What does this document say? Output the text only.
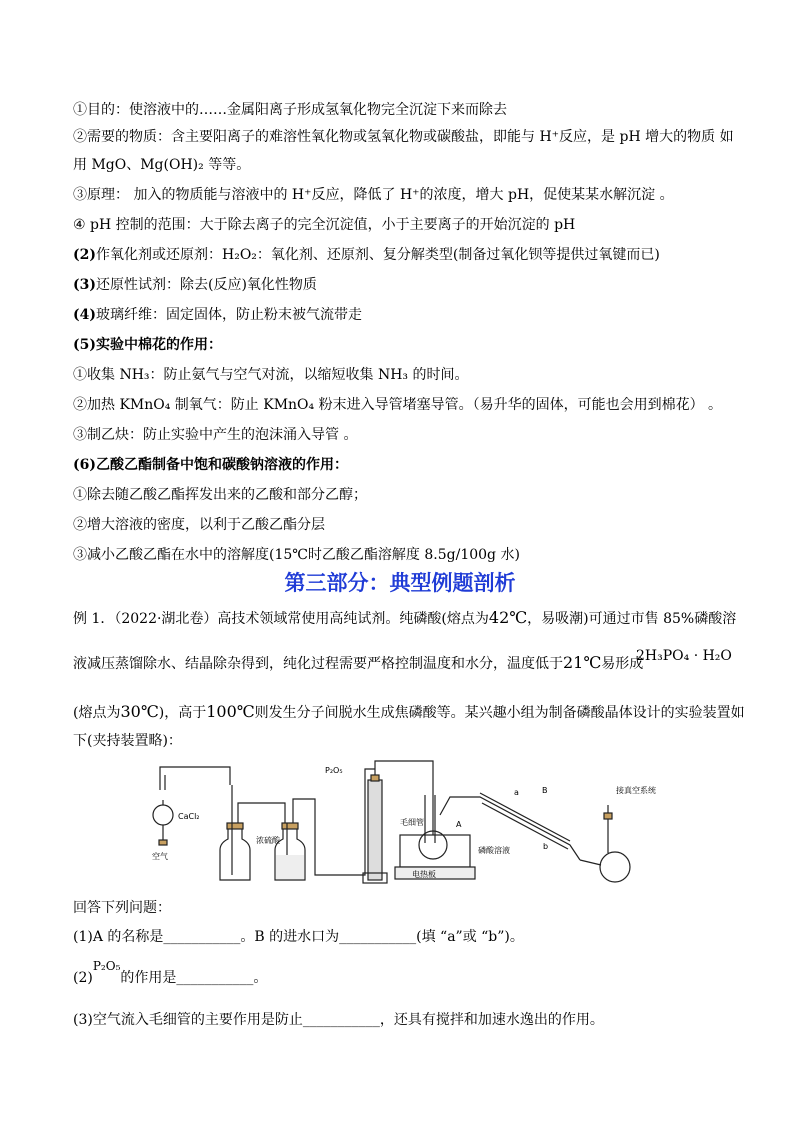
①目的：使溶液中的……金属阳离子形成氢氧化物完全沉淀下来而除去
②需要的物质：含主要阳离子的难溶性氧化物或氢氧化物或碳酸盐，即能与 H⁺反应，是 pH 增大的物质 如
用 MgO、Mg(OH)₂ 等等。
③原理： 加入的物质能与溶液中的 H⁺反应，降低了 H⁺的浓度，增大 pH，促使某某水解沉淀 。
④ pH 控制的范围：大于除去离子的完全沉淀值，小于主要离子的开始沉淀的 pH
(2)作氧化剂或还原剂：H₂O₂：氧化剂、还原剂、复分解类型(制备过氧化钡等提供过氧键而已)
(3)还原性试剂：除去(反应)氧化性物质
(4)玻璃纤维：固定固体，防止粉末被气流带走
(5)实验中棉花的作用：
①收集 NH₃：防止氨气与空气对流，以缩短收集 NH₃ 的时间。
②加热 KMnO₄ 制氧气：防止 KMnO₄ 粉末进入导管堵塞导管。（易升华的固体，可能也会用到棉花） 。
③制乙炔：防止实验中产生的泡沫涌入导管 。
(6)乙酸乙酯制备中饱和碳酸钠溶液的作用：
①除去随乙酸乙酯挥发出来的乙酸和部分乙醇；
②增大溶液的密度，以利于乙酸乙酯分层
③减小乙酸乙酯在水中的溶解度(15℃时乙酸乙酯溶解度 8.5g/100g 水)
第三部分：典型例题剖析
例 1．（2022·湖北卷）高技术领域常使用高纯试剂。纯磷酸(熔点为42℃，易吸潮)可通过市售 85%磷酸溶
液减压蒸馏除水、结晶除杂得到，纯化过程需要严格控制温度和水分，温度低于21℃易形成
2H₃PO₄ · H₂O
(熔点为30℃)，高于100℃则发生分子间脱水生成焦磷酸等。某兴趣小组为制备磷酸晶体设计的实验装置如
下(夹持装置略)：
CaCl₂
空气
浓硫酸
P₂O₅
毛细管	A
B
a
b
磷酸溶液
电热板
接真空系统
回答下列问题：
(1)A 的名称是___________。B 的进水口为___________(填 “a”或 “b”)。
(2)P₂O₅的作用是___________。
(3)空气流入毛细管的主要作用是防止___________，还具有搅拌和加速水逸出的作用。
